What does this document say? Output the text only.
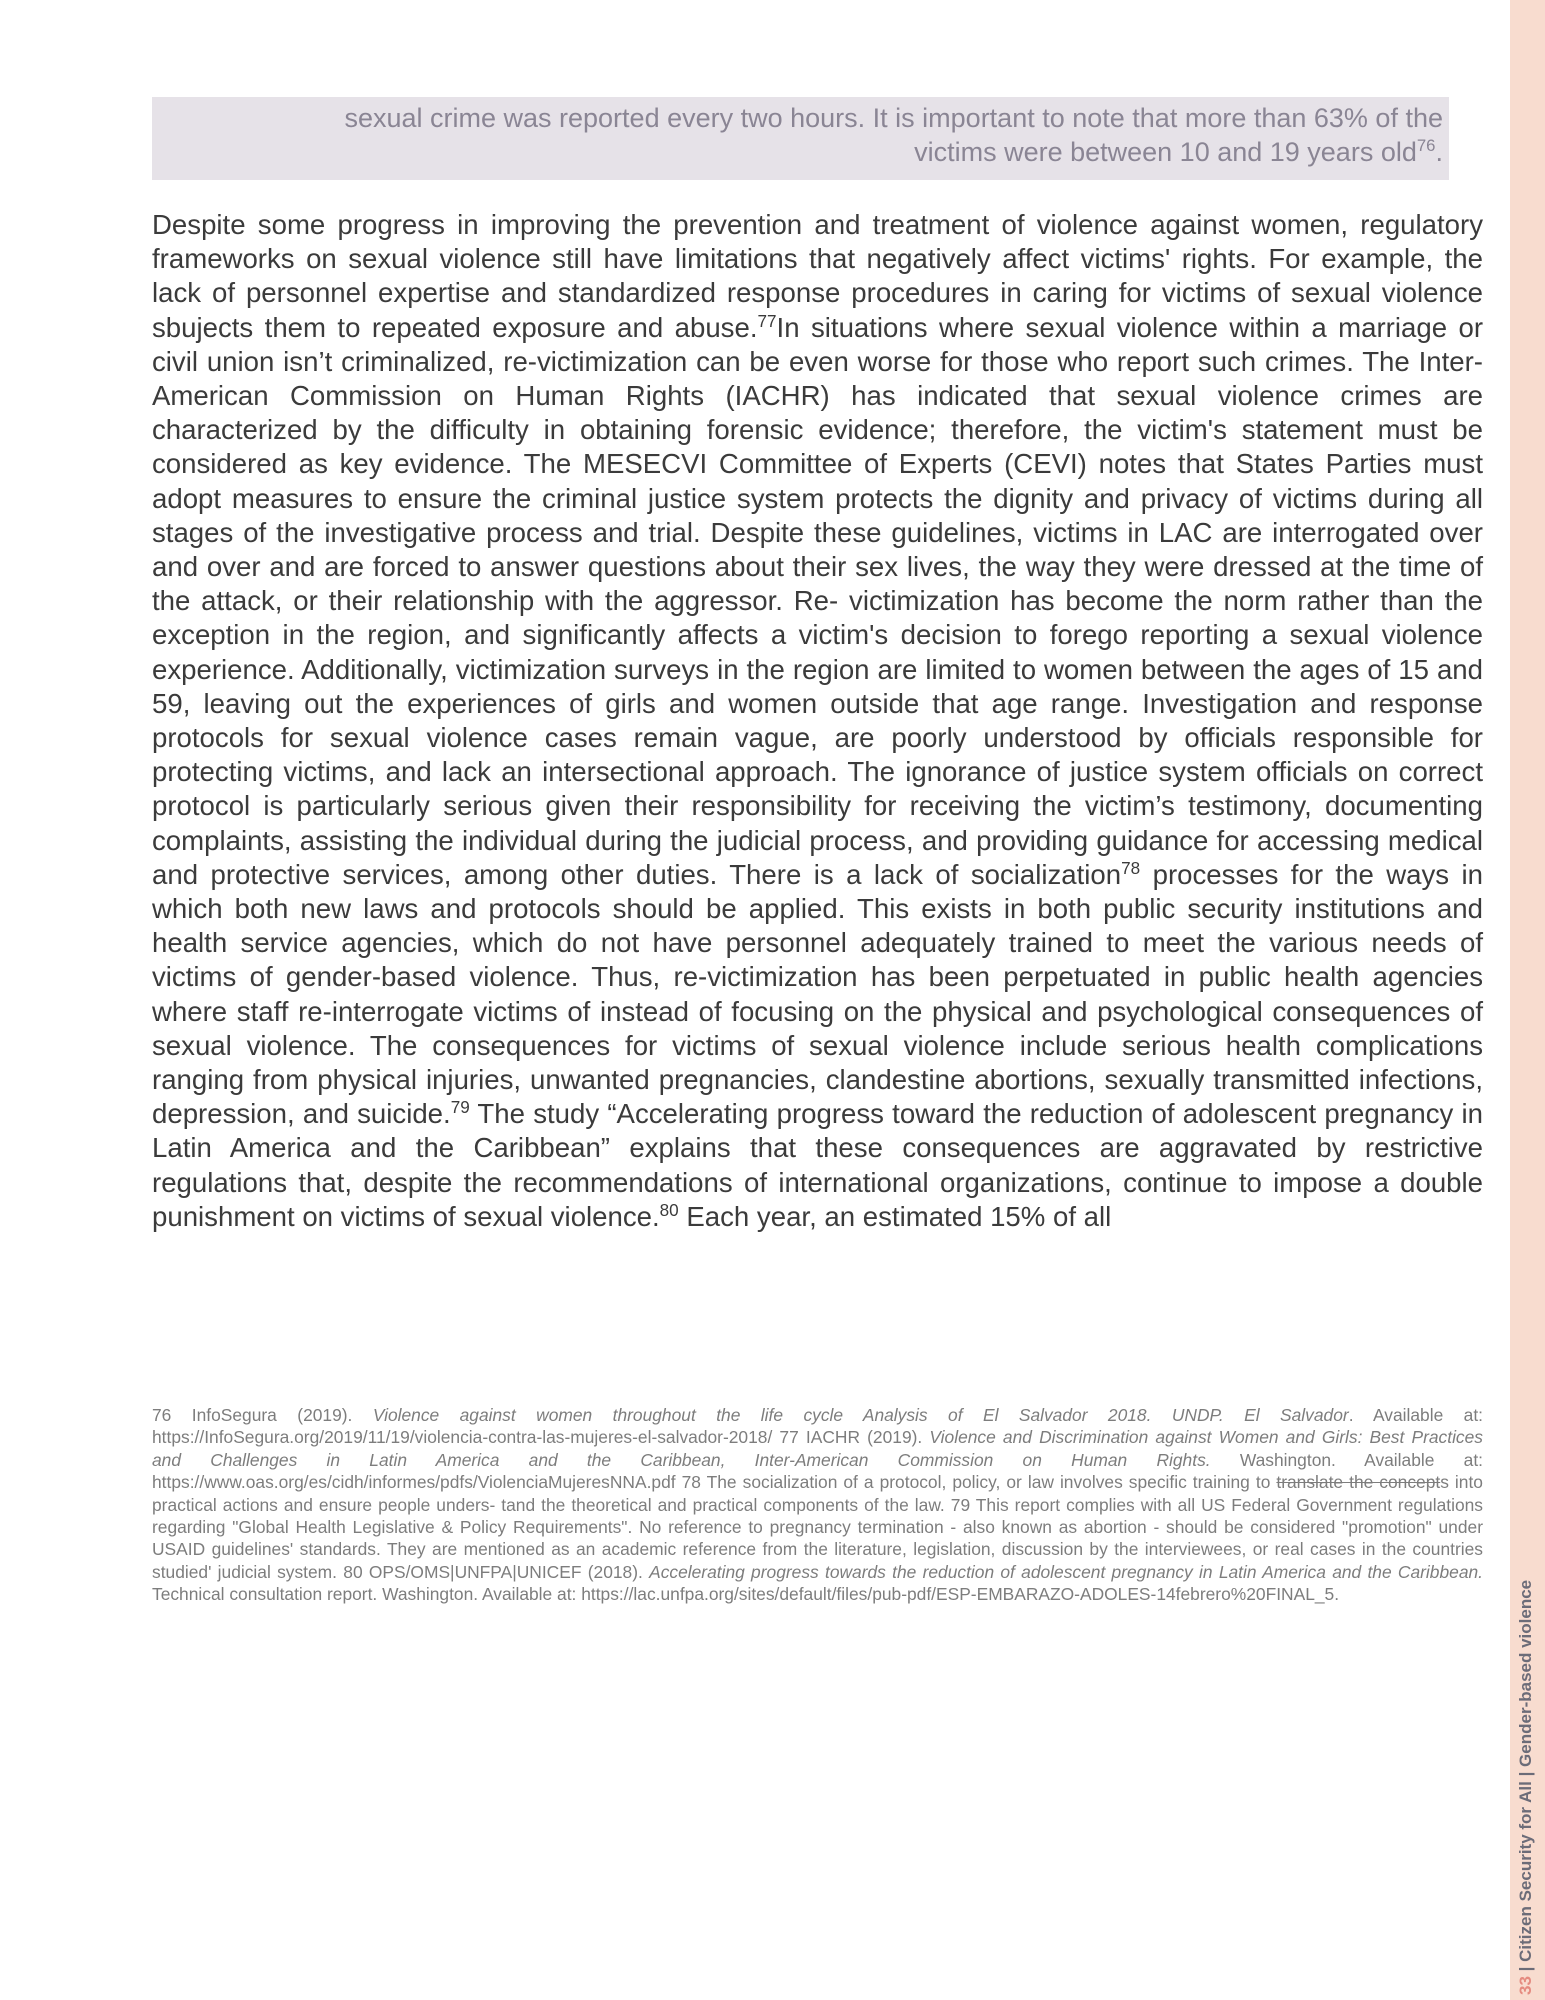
sexual crime was reported every two hours. It is important to note that more than 63% of the

victims were between 10 and 19 years old$^{76}$.

Despite some progress in improving the prevention and treatment of violence against women, regulatory frameworks on sexual violence still have limitations that negatively affect victims' rights. For example, the lack of personnel expertise and standardized response procedures in caring for victims of sexual violence sbujects them to repeated exposure and abuse.$^{77}$In situations where sexual violence within a marriage or civil union isn’t criminalized, re-victimization can be even worse for those who report such crimes. The Inter-American Commission on Human Rights (IACHR) has indicated that sexual violence crimes are characterized by the difficulty in obtaining forensic evidence; therefore, the victim's statement must be considered as key evidence. The MESECVI Committee of Experts (CEVI) notes that States Parties must adopt measures to ensure the criminal justice system protects the dignity and privacy of victims during all stages of the investigative process and trial. Despite these guidelines, victims in LAC are interrogated over and over and are forced to answer questions about their sex lives, the way they were dressed at the time of the attack, or their relationship with the aggressor. Re- victimization has become the norm rather than the exception in the region, and significantly affects a victim's decision to forego reporting a sexual violence experience. Additionally, victimization surveys in the region are limited to women between the ages of 15 and 59, leaving out the experiences of girls and women outside that age range. Investigation and response protocols for sexual violence cases remain vague, are poorly understood by officials responsible for protecting victims, and lack an intersectional approach. The ignorance of justice system officials on correct protocol is particularly serious given their responsibility for receiving the victim’s testimony, documenting complaints, assisting the individual during the judicial process, and providing guidance for accessing medical and protective services, among other duties. There is a lack of socialization$^{78}$ processes for the ways in which both new laws and protocols should be applied. This exists in both public security institutions and health service agencies, which do not have personnel adequately trained to meet the various needs of victims of gender-based violence. Thus, re-victimization has been perpetuated in public health agencies where staff re-interrogate victims of instead of focusing on the physical and psychological consequences of sexual violence. The consequences for victims of sexual violence include serious health complications ranging from physical injuries, unwanted pregnancies, clandestine abortions, sexually transmitted infections, depression, and suicide.$^{79}$ The study “Accelerating progress toward the reduction of adolescent pregnancy in Latin America and the Caribbean” explains that these consequences are aggravated by restrictive regulations that, despite the recommendations of international organizations, continue to impose a double punishment on victims of sexual violence.$^{80}$ Each year, an estimated 15% of all

76 InfoSegura (2019). Violence against women throughout the life cycle Analysis of El Salvador 2018. UNDP. El Salvador. Available at: https://InfoSegura.org/2019/11/19/violencia-contra-las-mujeres-el-salvador-2018/ 77 IACHR (2019). Violence and Discrimination against Women and Girls: Best Practices and Challenges in Latin America and the Caribbean, Inter-American Commission on Human Rights. Washington. Available at: https://www.oas.org/es/cidh/informes/pdfs/ViolenciaMujeresNNA.pdf 78 The socialization of a protocol, policy, or law involves specific training to translate the concepts into practical actions and ensure people unders- tand the theoretical and practical components of the law. 79 This report complies with all US Federal Government regulations regarding "Global Health Legislative & Policy Requirements". No reference to pregnancy termination - also known as abortion - should be considered "promotion" under USAID guidelines' standards. They are mentioned as an academic reference from the literature, legislation, discussion by the interviewees, or real cases in the countries studied' judicial system. 80 OPS/OMS|UNFPA|UNICEF (2018). Accelerating progress towards the reduction of adolescent pregnancy in Latin America and the Caribbean. Technical consultation report. Washington. Available at: https://lac.unfpa.org/sites/default/files/pub-pdf/ESP-EMBARAZO-ADOLES-14febrero%20FINAL_5.

33 | Citizen Security for All | Gender-based violence
